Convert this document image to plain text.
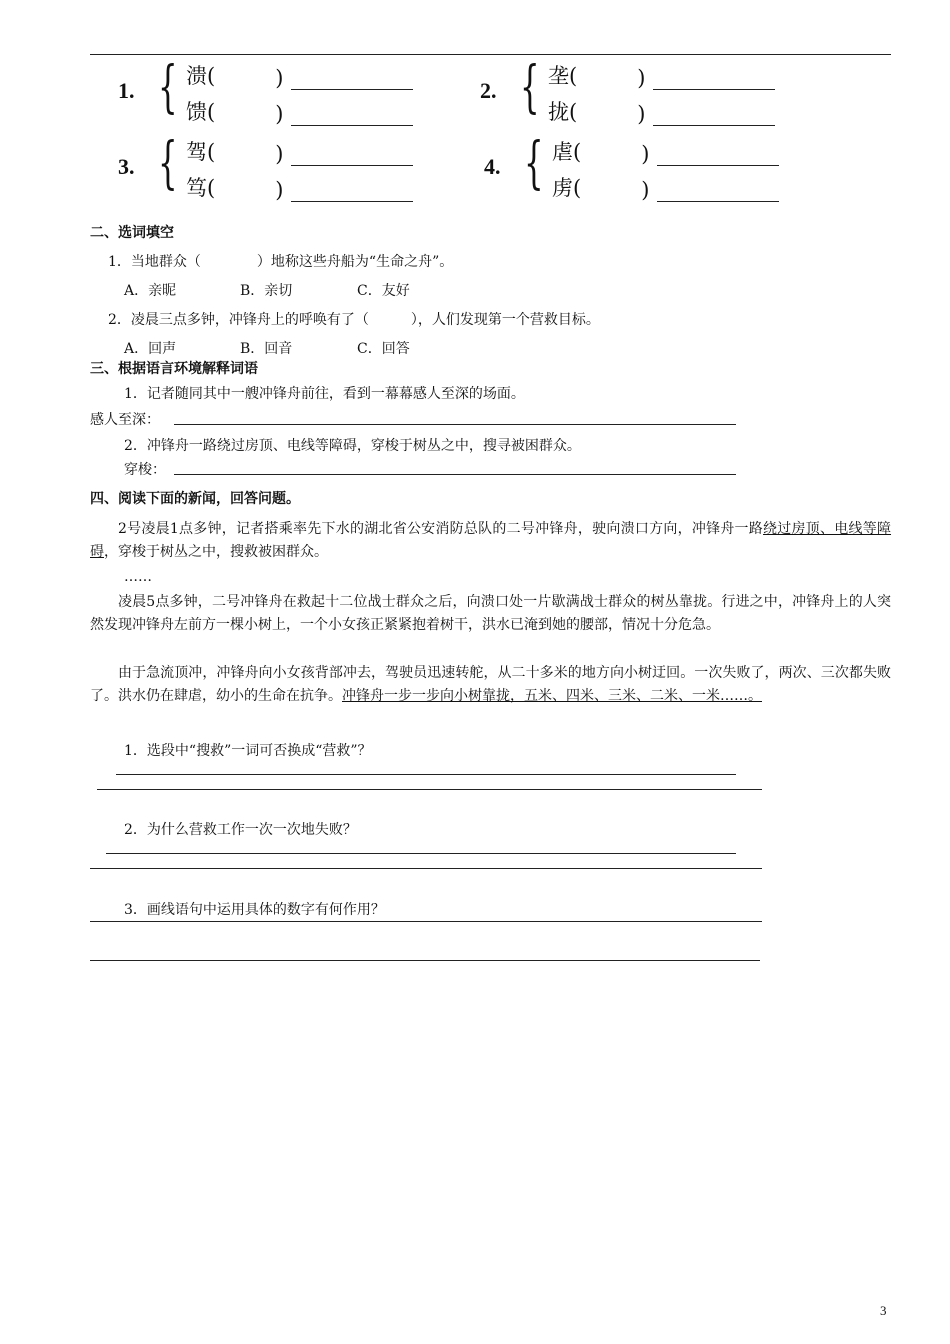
1. { 溃(	)
馈(	)
2. { 垄(	)
拢(	)
3. { 驾(	)
笃(	)
4. { 虐(	)
虏(	)
二、选词填空
1．当地群众（　　　　）地称这些舟船为“生命之舟”。
A．亲昵	B．亲切	C．友好
2．凌晨三点多钟，冲锋舟上的呼唤有了（　　　），人们发现第一个营救目标。
A．回声	B．回音	C．回答
三、根据语言环境解释词语
1．记者随同其中一艘冲锋舟前往，看到一幕幕感人至深的场面。
感人至深：
2．冲锋舟一路绕过房顶、电线等障碍，穿梭于树丛之中，搜寻被困群众。
穿梭：
四、阅读下面的新闻，回答问题。
2号凌晨1点多钟，记者搭乘率先下水的湖北省公安消防总队的二号冲锋舟，驶向溃口方向，冲锋舟一路绕过房顶、电线等障碍，穿梭于树丛之中，搜救被困群众。
……
凌晨5点多钟，二号冲锋舟在救起十二位战士群众之后，向溃口处一片歇满战士群众的树丛靠拢。行进之中，冲锋舟上的人突然发现冲锋舟左前方一棵小树上，一个小女孩正紧紧抱着树干，洪水已淹到她的腰部，情况十分危急。
由于急流顶冲，冲锋舟向小女孩背部冲去，驾驶员迅速转舵，从二十多米的地方向小树迂回。一次失败了，两次、三次都失败了。洪水仍在肆虐，幼小的生命在抗争。冲锋舟一步一步向小树靠拢，五米、四米、三米、二米、一米……。
1．选段中“搜救”一词可否换成“营救”？
2．为什么营救工作一次一次地失败？
3．画线语句中运用具体的数字有何作用？
3
